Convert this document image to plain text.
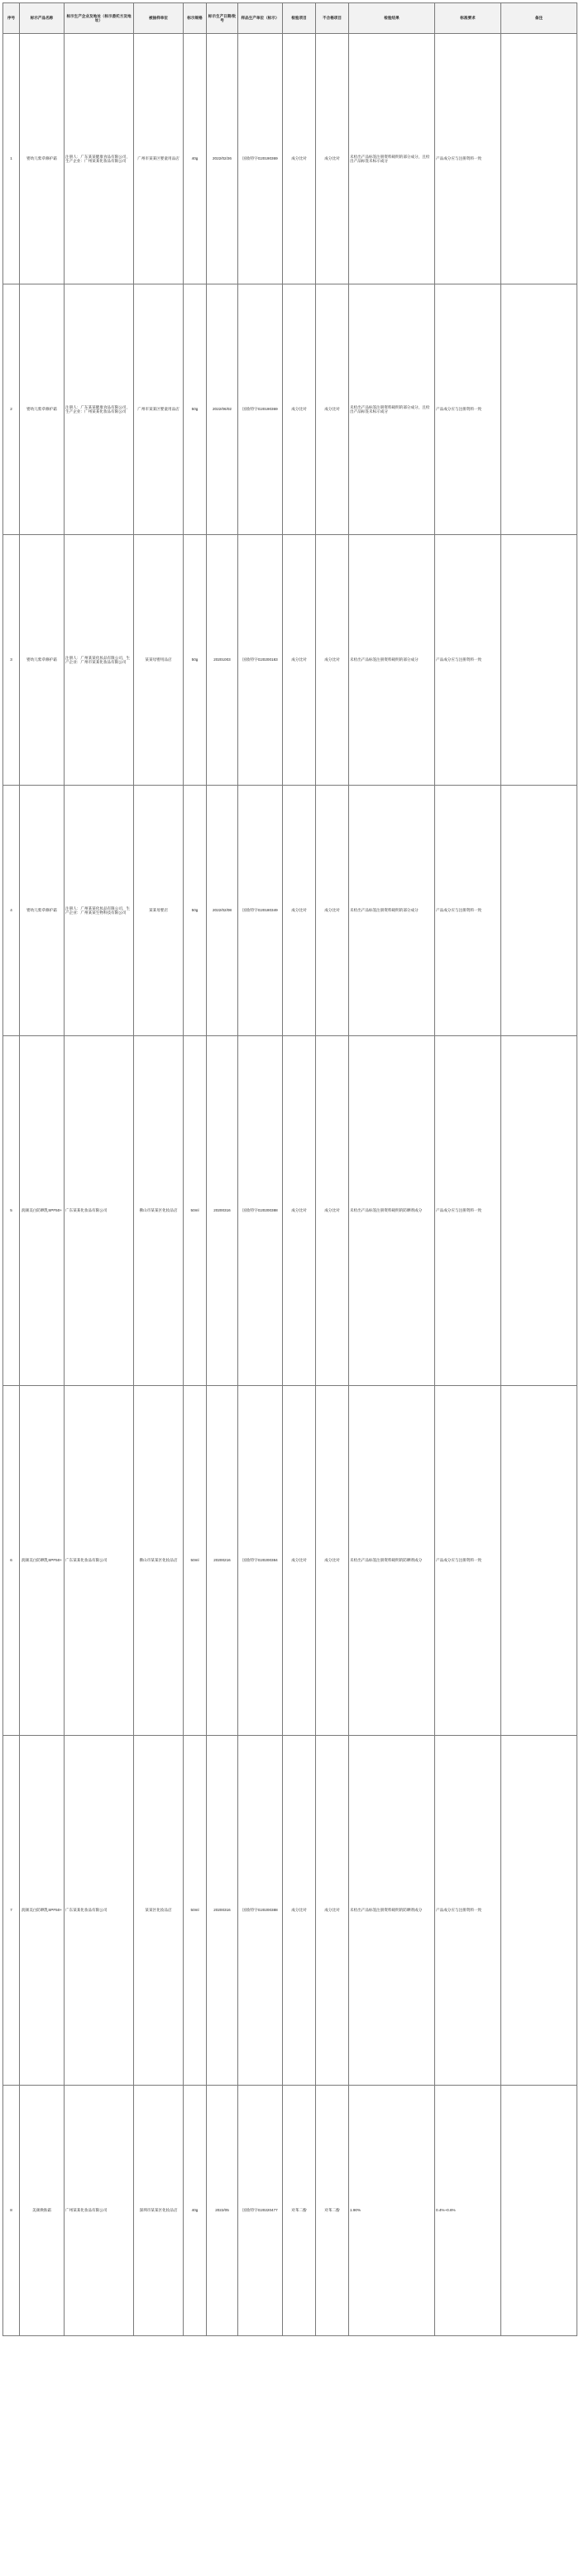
序号	标示产品名称	标示生产企业及地址（标示委托方及地址）	被抽样单位	标示规格	标示生产日期/批号	样品生产单位（标示）	检验项目	不合格项目	检验结果	标准要求	备注
1	婴幼儿紫草修护霜	注册人：广东某某健康食品有限公司，生产企业：广州某某化妆品有限公司	广州市某某区婴童用品店	40g	2022/02/26	国妆特字G20190369	成分比对	成分比对	未检出产品标签注册资料载明的部分成分，且检出产品标签未标示成分	产品成分应与注册资料一致	
2	婴幼儿紫草修护霜	注册人：广东某某健康食品有限公司，生产企业：广州某某化妆品有限公司	广州市某某区婴童用品店	50g	2022/06/02	国妆特字G20190369	成分比对	成分比对	未检出产品标签注册资料载明的部分成分，且检出产品标签未标示成分	产品成分应与注册资料一致	
3	婴幼儿紫草修护霜	注册人：广州某某化妆品有限公司，生产企业：广州市某某化妆品有限公司	某某母婴用品店	50g	20201003	国妆特字G20200183	成分比对	成分比对	未检出产品标签注册资料载明的部分成分	产品成分应与注册资料一致	
4	婴幼儿紫草修护霜	注册人：广州某某化妆品有限公司，生产企业：广州某某生物科技有限公司	某某母婴店	50g	2022/02/08	国妆特字G20180349	成分比对	成分比对	未检出产品标签注册资料载明的部分成分	产品成分应与注册资料一致	
5	润颜美白防晒乳SPF50+	广东某某化妆品有限公司	佛山市某某区化妆品店	50ml	20200316	国妆特字G20200388	成分比对	成分比对	未检出产品标签注册资料载明的防晒剂成分	产品成分应与注册资料一致	
6	润颜美白防晒乳SPF50+	广东某某化妆品有限公司	佛山市某某区化妆品店	50ml	20200216	国妆特字G20200384	成分比对	成分比对	未检出产品标签注册资料载明的防晒剂成分	产品成分应与注册资料一致	
7	润颜美白防晒乳SPF50+	广东某某化妆品有限公司	某某区化妆品店	50ml	20200316	国妆特字G20200388	成分比对	成分比对	未检出产品标签注册资料载明的防晒剂成分	产品成分应与注册资料一致	
8	美颜焕肤霜	广州某某化妆品有限公司	深圳市某某区化妆品店	40g	2022/05	国妆特字G20220477	对苯二酚	对苯二酚	1.90%	0.4%~0.6%	
